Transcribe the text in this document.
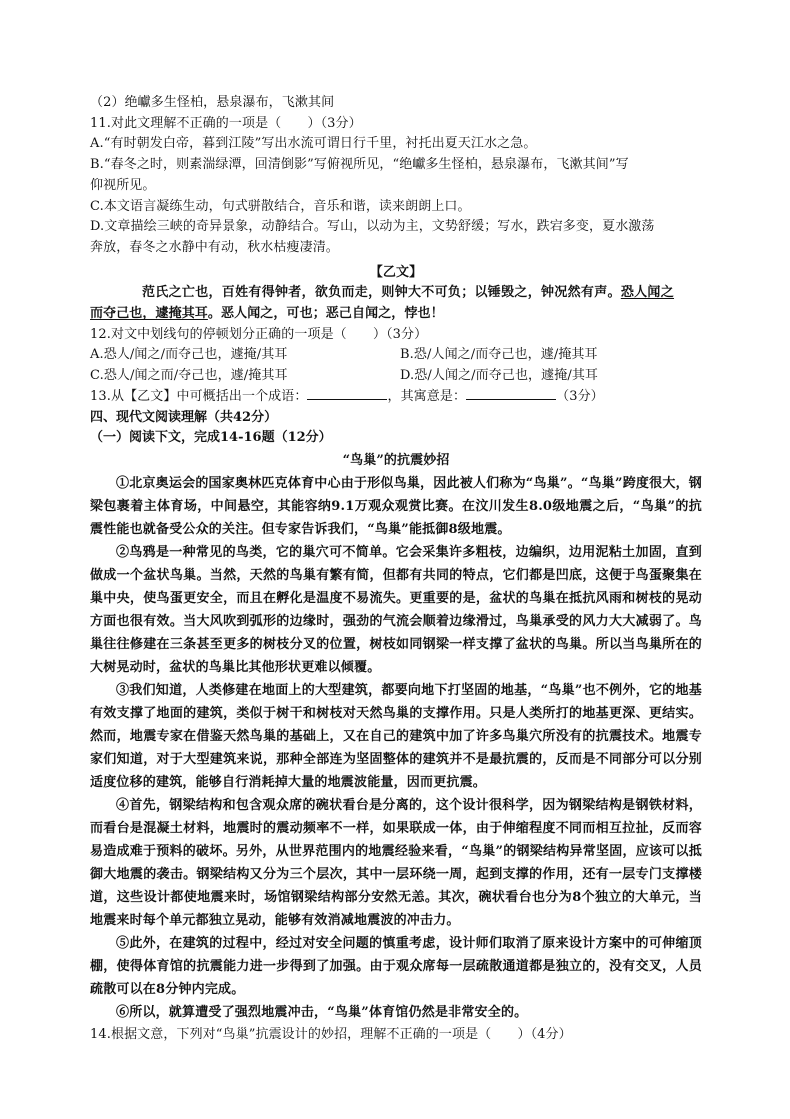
（2）绝巘多生怪柏，悬泉瀑布，飞漱其间
11.对此文理解不正确的一项是（　　）（3分）
A.“有时朝发白帝，暮到江陵”写出水流可谓日行千里，衬托出夏天江水之急。
B.“春冬之时，则素湍绿潭，回清倒影”写俯视所见，“绝巘多生怪柏，悬泉瀑布，飞漱其间”写
仰视所见。
C.本文语言凝练生动，句式骈散结合，音乐和谐，读来朗朗上口。
D.文章描绘三峡的奇异景象，动静结合。写山，以动为主，文势舒缓；写水，跌宕多变，夏水激荡
奔放，春冬之水静中有动，秋水枯瘦凄清。
【乙文】
范氏之亡也，百姓有得钟者，欲负而走，则钟大不可负；以锤毁之，钟况然有声。恐人闻之
而夺己也，遽掩其耳。恶人闻之，可也；恶己自闻之，悖也！
12.对文中划线句的停顿划分正确的一项是（　　）（3分）
A.恐人/闻之/而夺己也，遽掩/其耳	B.恐/人闻之/而夺己也，遽/掩其耳
C.恐人/闻之而/夺己也，遽/掩其耳	D.恐/人闻之/而夺己也，遽掩/其耳
13.从【乙文】中可概括出一个成语：	，其寓意是：	（3分）
四、现代文阅读理解（共42分）
（一）阅读下文，完成14-16题（12分）
“鸟巢”的抗震妙招
①北京奥运会的国家奥林匹克体育中心由于形似鸟巢，因此被人们称为“鸟巢”。“鸟巢”跨度很大，钢梁包裹着主体育场，中间悬空，其能容纳9.1万观众观赏比赛。在汶川发生8.0级地震之后，“鸟巢”的抗震性能也就备受公众的关注。但专家告诉我们，“鸟巢”能抵御8级地震。
②鸟鸦是一种常见的鸟类，它的巢穴可不简单。它会采集许多粗枝，边编织，边用泥粘土加固，直到做成一个盆状鸟巢。当然，天然的鸟巢有繁有简，但都有共同的特点，它们都是凹底，这便于鸟蛋聚集在巢中央，使鸟蛋更安全，而且在孵化是温度不易流失。更重要的是，盆状的鸟巢在抵抗风雨和树枝的晃动方面也很有效。当大风吹到弧形的边缘时，强劲的气流会顺着边缘滑过，鸟巢承受的风力大大减弱了。鸟巢往往修建在三条甚至更多的树枝分叉的位置，树枝如同钢梁一样支撑了盆状的鸟巢。所以当鸟巢所在的大树晃动时，盆状的鸟巢比其他形状更难以倾覆。
③我们知道，人类修建在地面上的大型建筑，都要向地下打坚固的地基，“鸟巢”也不例外，它的地基有效支撑了地面的建筑，类似于树干和树枝对天然鸟巢的支撑作用。只是人类所打的地基更深、更结实。然而，地震专家在借鉴天然鸟巢的基础上，又在自己的建筑中加了许多鸟巢穴所没有的抗震技术。地震专家们知道，对于大型建筑来说，那种全部连为坚固整体的建筑并不是最抗震的，反而是不同部分可以分别适度位移的建筑，能够自行消耗掉大量的地震波能量，因而更抗震。
④首先，钢梁结构和包含观众席的碗状看台是分离的，这个设计很科学，因为钢梁结构是钢铁材料，而看台是混凝土材料，地震时的震动频率不一样，如果联成一体，由于伸缩程度不同而相互拉扯，反而容易造成难于预料的破坏。另外，从世界范围内的地震经验来看，“鸟巢”的钢梁结构异常坚固，应该可以抵御大地震的袭击。钢梁结构又分为三个层次，其中一层环绕一周，起到支撑的作用，还有一层专门支撑楼道，这些设计都使地震来时，场馆钢梁结构部分安然无恙。其次，碗状看台也分为8个独立的大单元，当地震来时每个单元都独立晃动，能够有效消减地震波的冲击力。
⑤此外，在建筑的过程中，经过对安全问题的慎重考虑，设计师们取消了原来设计方案中的可伸缩顶棚，使得体育馆的抗震能力进一步得到了加强。由于观众席每一层疏散通道都是独立的，没有交叉，人员疏散可以在8分钟内完成。
⑥所以，就算遭受了强烈地震冲击，“鸟巢”体育馆仍然是非常安全的。
14.根据文意，下列对“鸟巢”抗震设计的妙招，理解不正确的一项是（　　）（4分）
